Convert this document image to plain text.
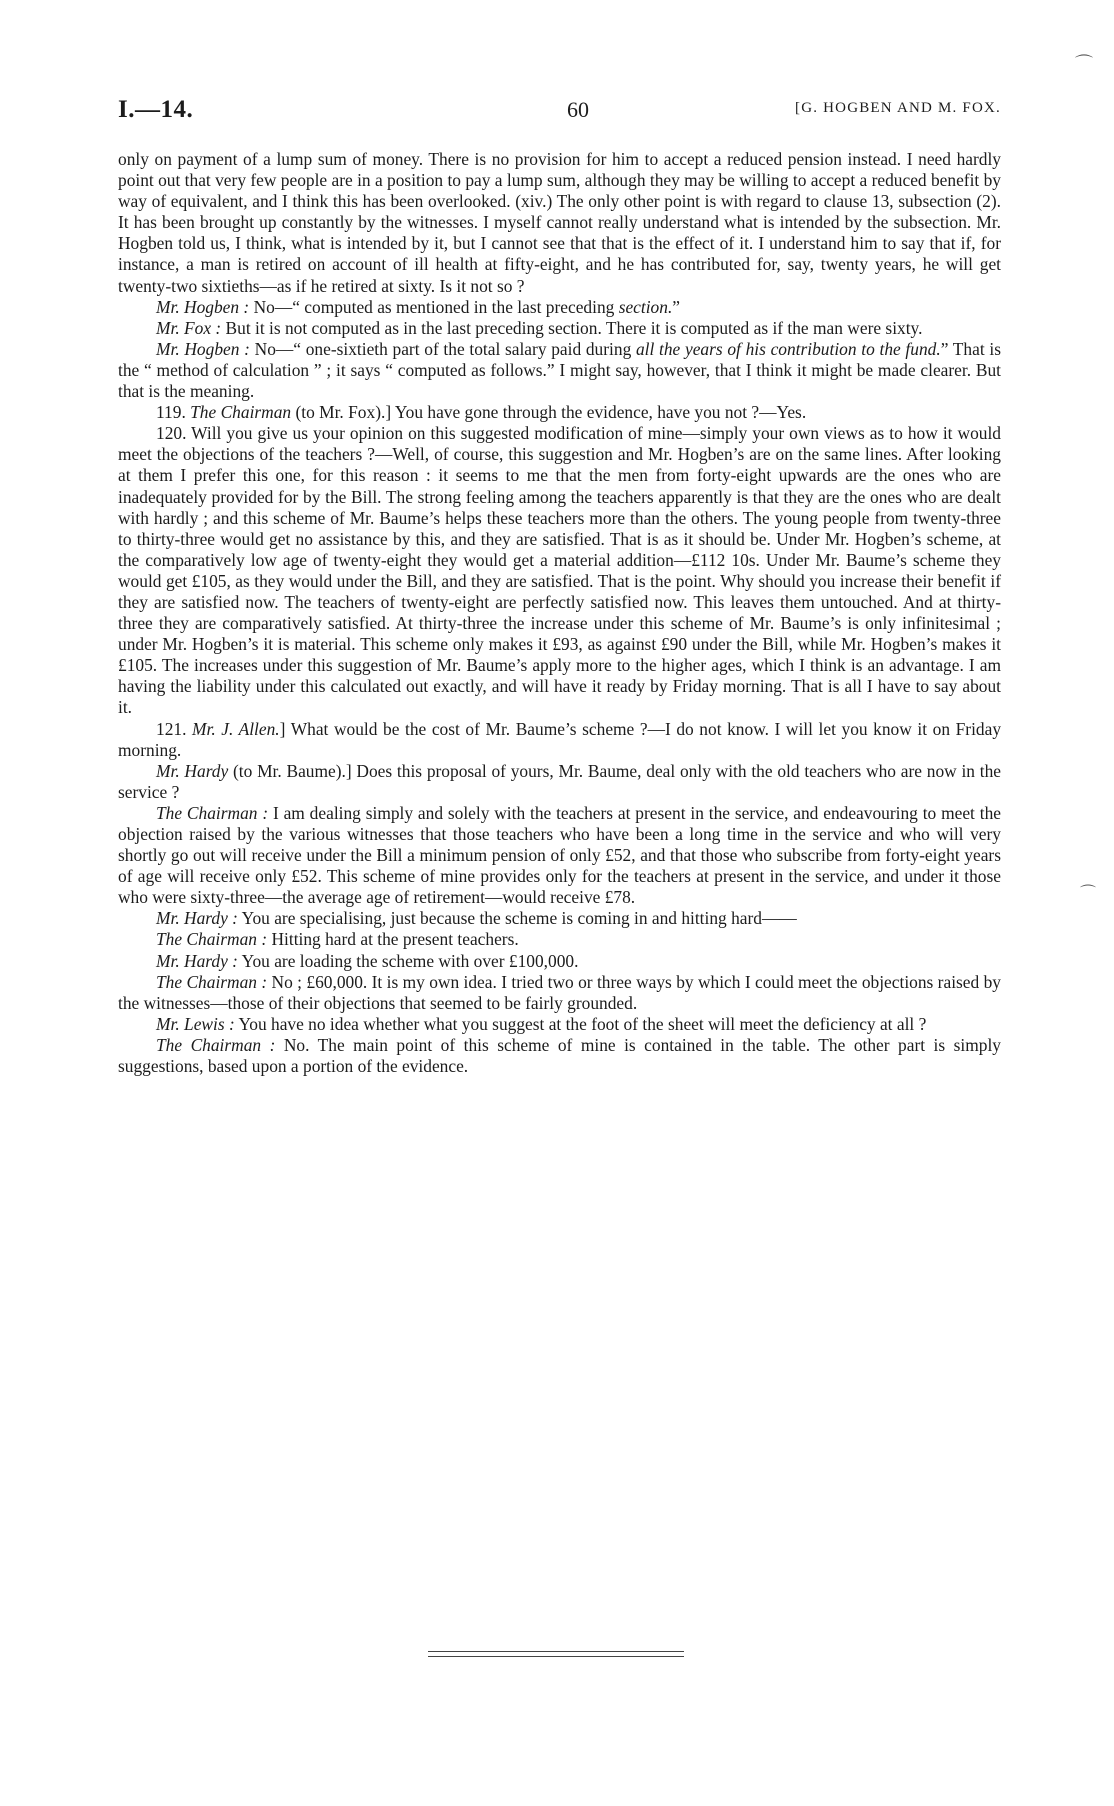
I.—14.	60	[G. HOGBEN AND M. FOX.
⌒
⌒

only on payment of a lump sum of money. There is no provision for him to accept a reduced pension instead. I need hardly point out that very few people are in a position to pay a lump sum, although they may be willing to accept a reduced benefit by way of equivalent, and I think this has been overlooked. (xiv.) The only other point is with regard to clause 13, subsection (2). It has been brought up constantly by the witnesses. I myself cannot really understand what is intended by the subsection. Mr. Hogben told us, I think, what is intended by it, but I cannot see that that is the effect of it. I understand him to say that if, for instance, a man is retired on account of ill health at fifty-eight, and he has contributed for, say, twenty years, he will get twenty-two sixtieths—as if he retired at sixty. Is it not so ?

Mr. Hogben : No—“ computed as mentioned in the last preceding section.”

Mr. Fox : But it is not computed as in the last preceding section. There it is computed as if the man were sixty.

Mr. Hogben : No—“ one-sixtieth part of the total salary paid during all the years of his contribution to the fund.” That is the “ method of calculation ” ; it says “ computed as follows.” I might say, however, that I think it might be made clearer. But that is the meaning.

119. The Chairman (to Mr. Fox).] You have gone through the evidence, have you not ?—Yes.

120. Will you give us your opinion on this suggested modification of mine—simply your own views as to how it would meet the objections of the teachers ?—Well, of course, this suggestion and Mr. Hogben’s are on the same lines. After looking at them I prefer this one, for this reason : it seems to me that the men from forty-eight upwards are the ones who are inadequately provided for by the Bill. The strong feeling among the teachers apparently is that they are the ones who are dealt with hardly ; and this scheme of Mr. Baume’s helps these teachers more than the others. The young people from twenty-three to thirty-three would get no assistance by this, and they are satisfied. That is as it should be. Under Mr. Hogben’s scheme, at the comparatively low age of twenty-eight they would get a material addition—£112 10s. Under Mr. Baume’s scheme they would get £105, as they would under the Bill, and they are satisfied. That is the point. Why should you increase their benefit if they are satisfied now. The teachers of twenty-eight are perfectly satisfied now. This leaves them untouched. And at thirty-three they are comparatively satisfied. At thirty-three the increase under this scheme of Mr. Baume’s is only infinitesimal ; under Mr. Hogben’s it is material. This scheme only makes it £93, as against £90 under the Bill, while Mr. Hogben’s makes it £105. The increases under this suggestion of Mr. Baume’s apply more to the higher ages, which I think is an advantage. I am having the liability under this calculated out exactly, and will have it ready by Friday morning. That is all I have to say about it.

121. Mr. J. Allen.] What would be the cost of Mr. Baume’s scheme ?—I do not know. I will let you know it on Friday morning.

Mr. Hardy (to Mr. Baume).] Does this proposal of yours, Mr. Baume, deal only with the old teachers who are now in the service ?

The Chairman : I am dealing simply and solely with the teachers at present in the service, and endeavouring to meet the objection raised by the various witnesses that those teachers who have been a long time in the service and who will very shortly go out will receive under the Bill a minimum pension of only £52, and that those who subscribe from forty-eight years of age will receive only £52. This scheme of mine provides only for the teachers at present in the service, and under it those who were sixty-three—the average age of retirement—would receive £78.

Mr. Hardy : You are specialising, just because the scheme is coming in and hitting hard——

The Chairman : Hitting hard at the present teachers.

Mr. Hardy : You are loading the scheme with over £100,000.

The Chairman : No ; £60,000. It is my own idea. I tried two or three ways by which I could meet the objections raised by the witnesses—those of their objections that seemed to be fairly grounded.

Mr. Lewis : You have no idea whether what you suggest at the foot of the sheet will meet the deficiency at all ?

The Chairman : No. The main point of this scheme of mine is contained in the table. The other part is simply suggestions, based upon a portion of the evidence.
